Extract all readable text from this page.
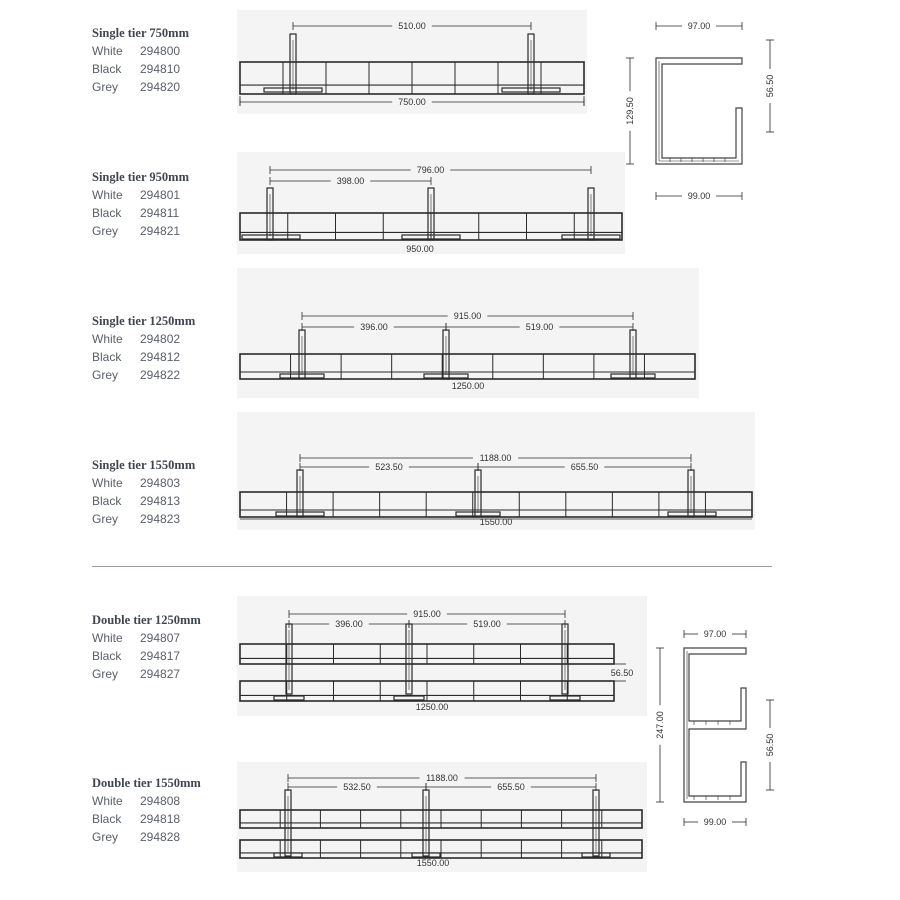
Single tier 750mm
White	294800
Black	294810
Grey	294820
Single tier 950mm
White	294801
Black	294811
Grey	294821
Single tier 1250mm
White	294802
Black	294812
Grey	294822
Single tier 1550mm
White	294803
Black	294813
Grey	294823
Double tier 1250mm
White	294807
Black	294817
Grey	294827
Double tier 1550mm
White	294808
Black	294818
Grey	294828
510.00
750.00
796.00
398.00
950.00
915.00
396.00	519.00
1250.00
1188.00
523.50	655.50
1550.00
915.00
396.00	519.00
56.50
1250.00
1188.00
532.50	655.50
1550.00
97.00
129.50
56.50
99.00
97.00
247.00
56.50
99.00
